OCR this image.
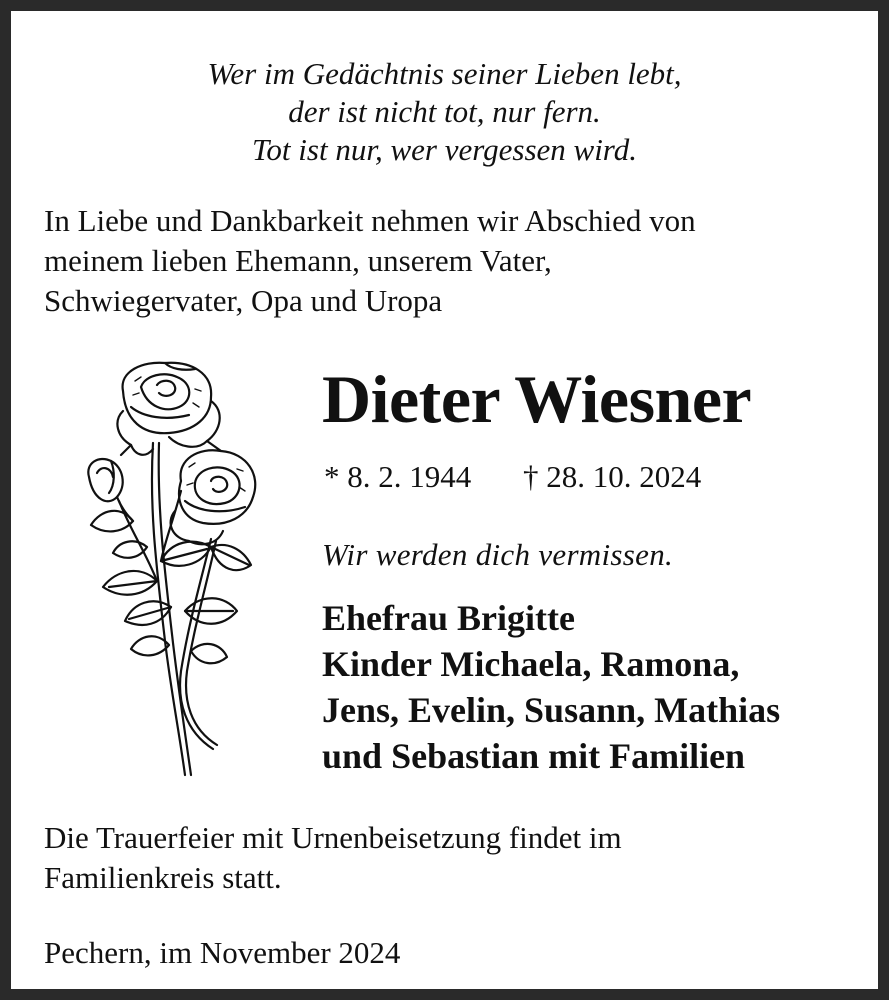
Wer im Gedächtnis seiner Lieben lebt,
der ist nicht tot, nur fern.
Tot ist nur, wer vergessen wird.
In Liebe und Dankbarkeit nehmen wir Abschied von
meinem lieben Ehemann, unserem Vater,
Schwiegervater, Opa und Uropa
Dieter Wiesner
* 8. 2. 1944 † 28. 10. 2024
Wir werden dich vermissen.
Ehefrau Brigitte
Kinder Michaela, Ramona,
Jens, Evelin, Susann, Mathias
und Sebastian mit Familien
Die Trauerfeier mit Urnenbeisetzung findet im
Familienkreis statt.
Pechern, im November 2024
